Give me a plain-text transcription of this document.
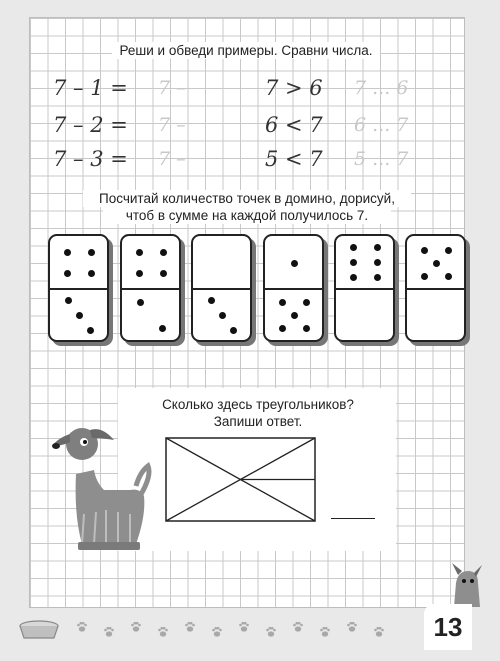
Реши и обведи примеры. Сравни числа.
7 – 1 = 7 –	7 > 6 7 ... 6
7 – 2 = 7 –	6 < 7 6 ... 7
7 – 3 = 7 –	5 < 7 5 ... 7
Посчитай количество точек в домино, дорисуй,
чтоб в сумме на каждой получилось 7.
Сколько здесь треугольников?
Запиши ответ.
13
